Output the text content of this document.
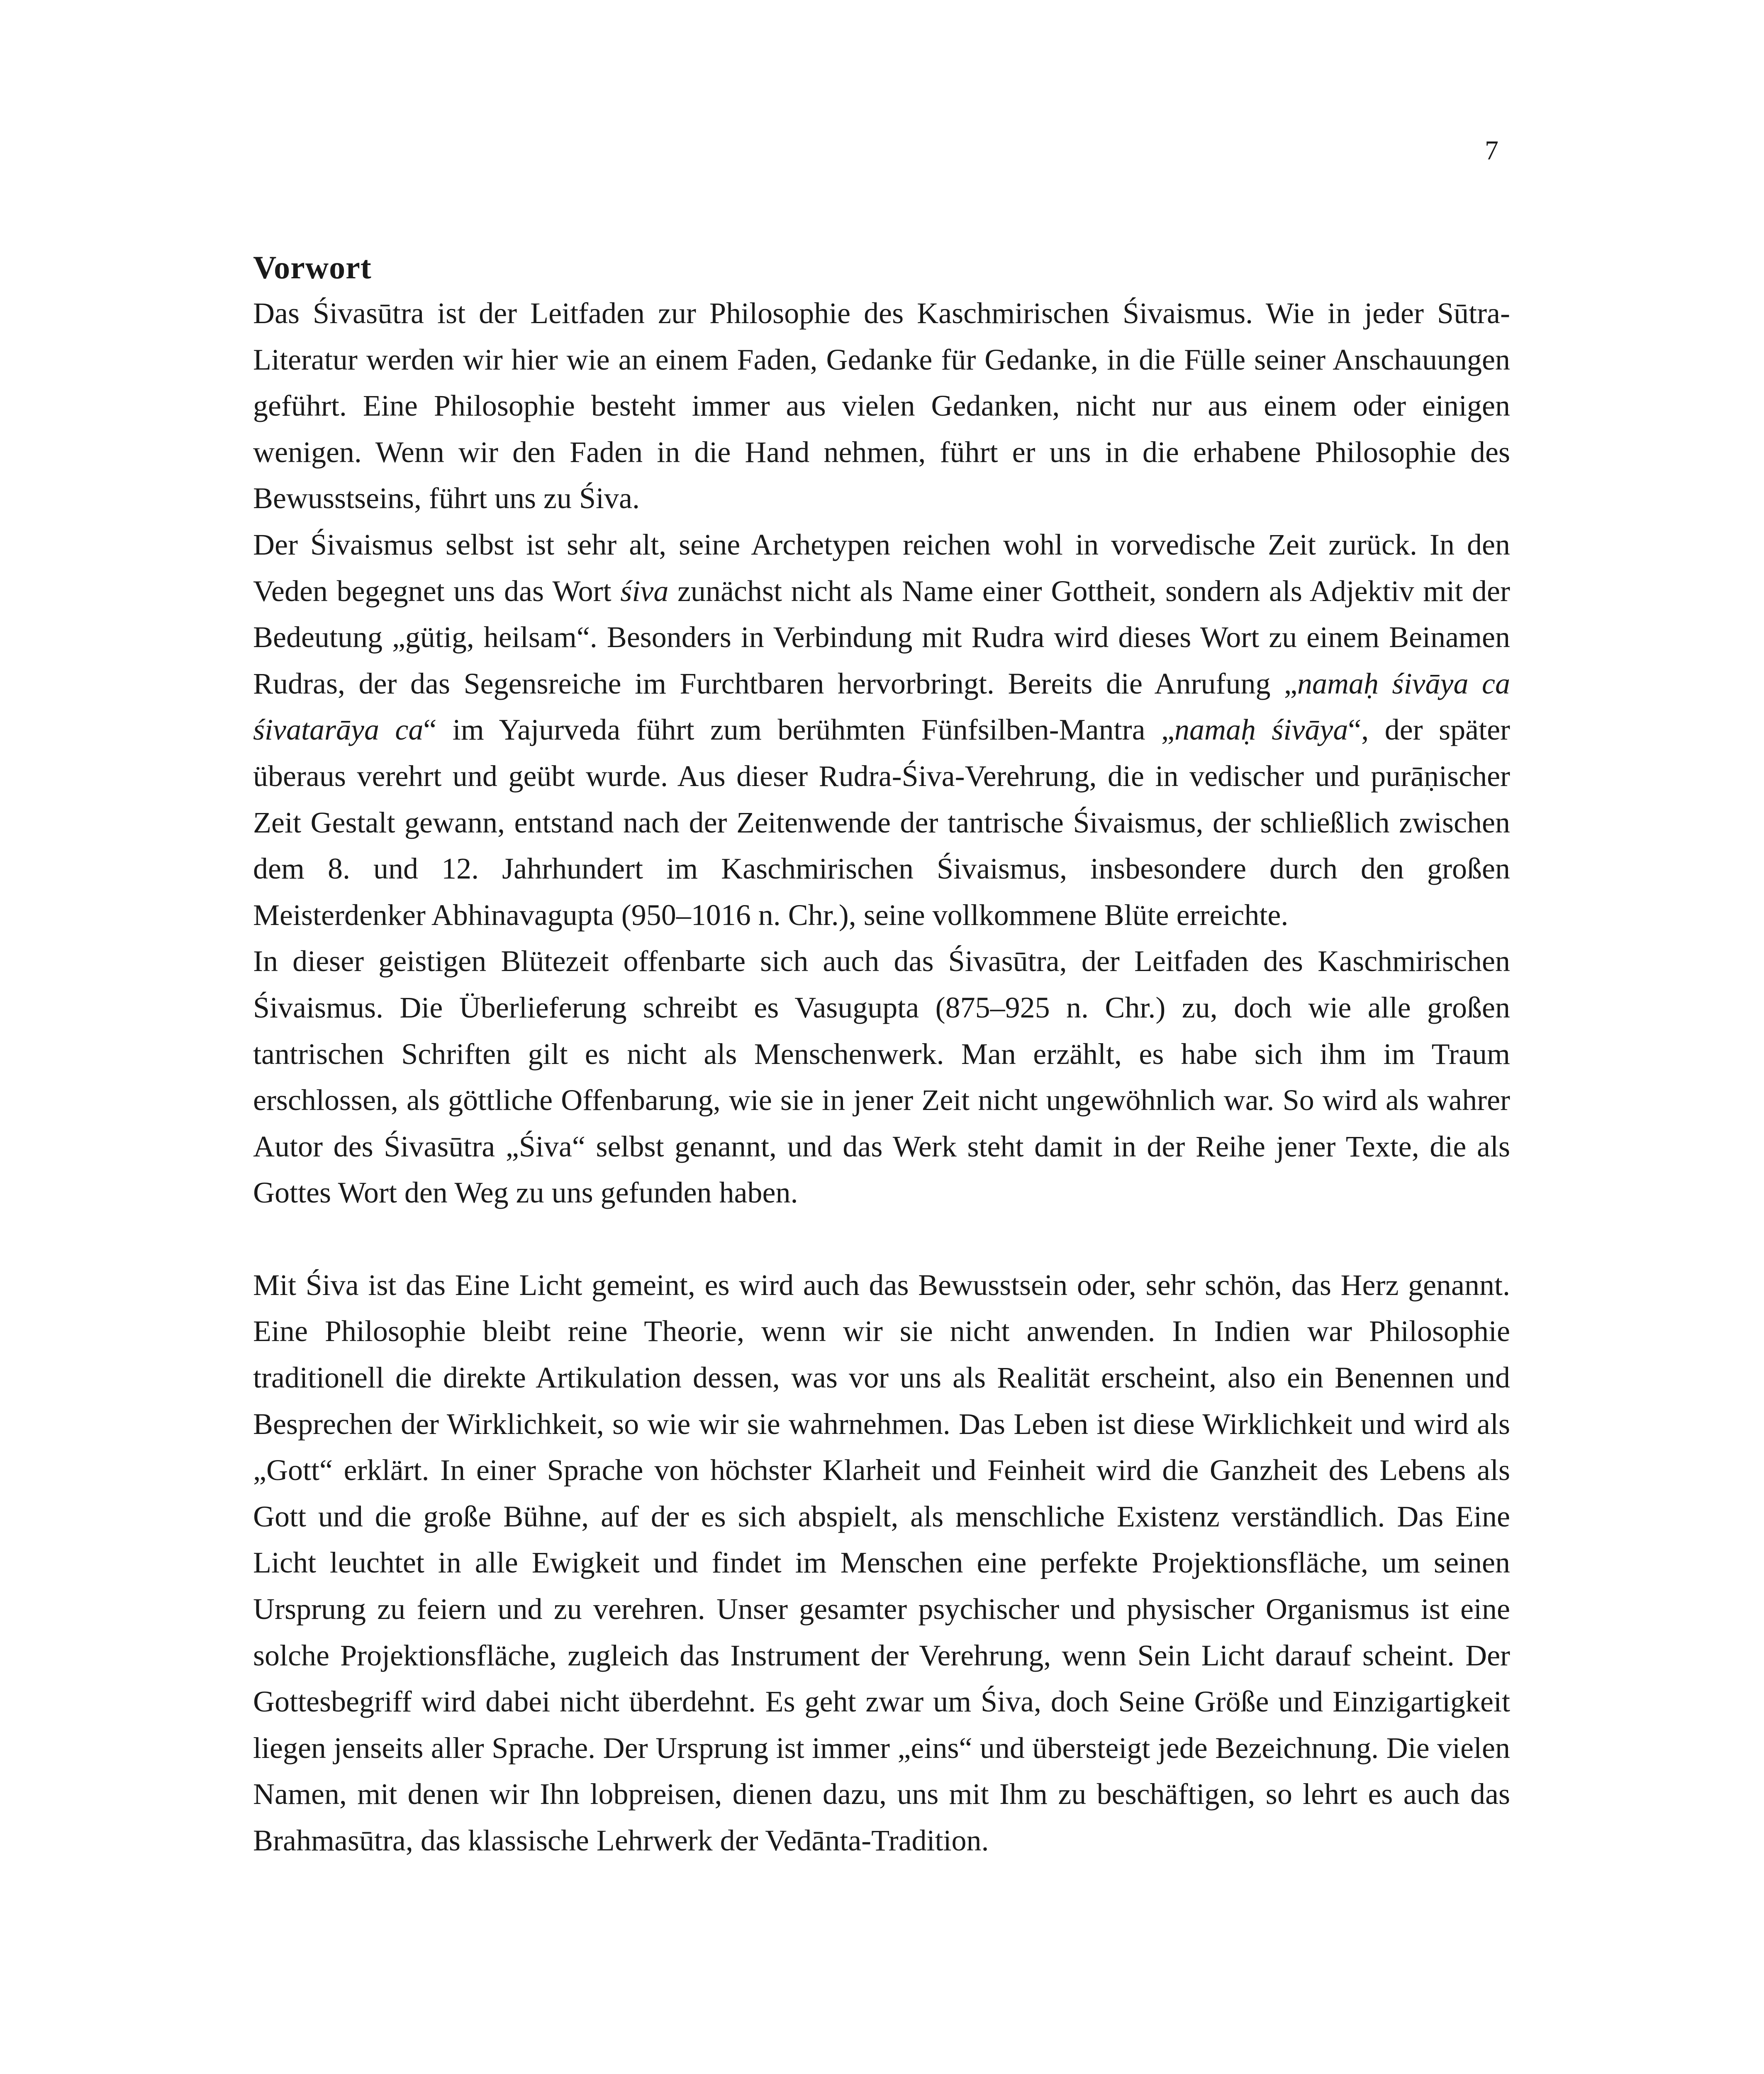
7
Vorwort

Das Śivasūtra ist der Leitfaden zur Philosophie des Kaschmirischen Śivaismus. Wie in jeder Sūtra-Literatur werden wir hier wie an einem Faden, Gedanke für Gedanke, in die Fülle seiner Anschauungen geführt. Eine Philosophie besteht immer aus vielen Gedanken, nicht nur aus einem oder einigen wenigen. Wenn wir den Faden in die Hand nehmen, führt er uns in die erhabene Philosophie des Bewusstseins, führt uns zu Śiva.

Der Śivaismus selbst ist sehr alt, seine Archetypen reichen wohl in vorvedische Zeit zurück. In den Veden begegnet uns das Wort śiva zunächst nicht als Name einer Gottheit, sondern als Adjektiv mit der Bedeutung „gütig, heilsam“. Besonders in Verbindung mit Rudra wird dieses Wort zu einem Beinamen Rudras, der das Segensreiche im Furchtbaren hervorbringt. Bereits die Anrufung „namaḥ śivāya ca śivatarāya ca“ im Yajurveda führt zum berühmten Fünfsilben-Mantra „namaḥ śivāya“, der später überaus verehrt und geübt wurde. Aus dieser Rudra-Śiva-Verehrung, die in vedischer und purāṇischer Zeit Gestalt gewann, entstand nach der Zeitenwende der tantrische Śivaismus, der schließlich zwischen dem 8. und 12. Jahrhundert im Kaschmirischen Śivaismus, insbesondere durch den großen Meisterdenker Abhinavagupta (950–1016 n. Chr.), seine vollkommene Blüte erreichte.

In dieser geistigen Blütezeit offenbarte sich auch das Śivasūtra, der Leitfaden des Kaschmirischen Śivaismus. Die Überlieferung schreibt es Vasugupta (875–925 n. Chr.) zu, doch wie alle großen tantrischen Schriften gilt es nicht als Menschenwerk. Man erzählt, es habe sich ihm im Traum erschlossen, als göttliche Offenbarung, wie sie in jener Zeit nicht ungewöhnlich war. So wird als wahrer Autor des Śivasūtra „Śiva“ selbst genannt, und das Werk steht damit in der Reihe jener Texte, die als Gottes Wort den Weg zu uns gefunden haben.

Mit Śiva ist das Eine Licht gemeint, es wird auch das Bewusstsein oder, sehr schön, das Herz genannt. Eine Philosophie bleibt reine Theorie, wenn wir sie nicht anwenden. In Indien war Philosophie traditionell die direkte Artikulation dessen, was vor uns als Realität erscheint, also ein Benennen und Besprechen der Wirklichkeit, so wie wir sie wahrnehmen. Das Leben ist diese Wirklichkeit und wird als „Gott“ erklärt. In einer Sprache von höchster Klarheit und Feinheit wird die Ganzheit des Lebens als Gott und die große Bühne, auf der es sich abspielt, als menschliche Existenz verständlich. Das Eine Licht leuchtet in alle Ewigkeit und findet im Menschen eine perfekte Projektionsfläche, um seinen Ursprung zu feiern und zu verehren. Unser gesamter psychischer und physischer Organismus ist eine solche Projektionsfläche, zugleich das Instrument der Verehrung, wenn Sein Licht darauf scheint. Der Gottesbegriff wird dabei nicht überdehnt. Es geht zwar um Śiva, doch Seine Größe und Einzigartigkeit liegen jenseits aller Sprache. Der Ursprung ist immer „eins“ und übersteigt jede Bezeichnung. Die vielen Namen, mit denen wir Ihn lobpreisen, dienen dazu, uns mit Ihm zu beschäftigen, so lehrt es auch das Brahmasūtra, das klassische Lehrwerk der Vedānta-Tradition.
